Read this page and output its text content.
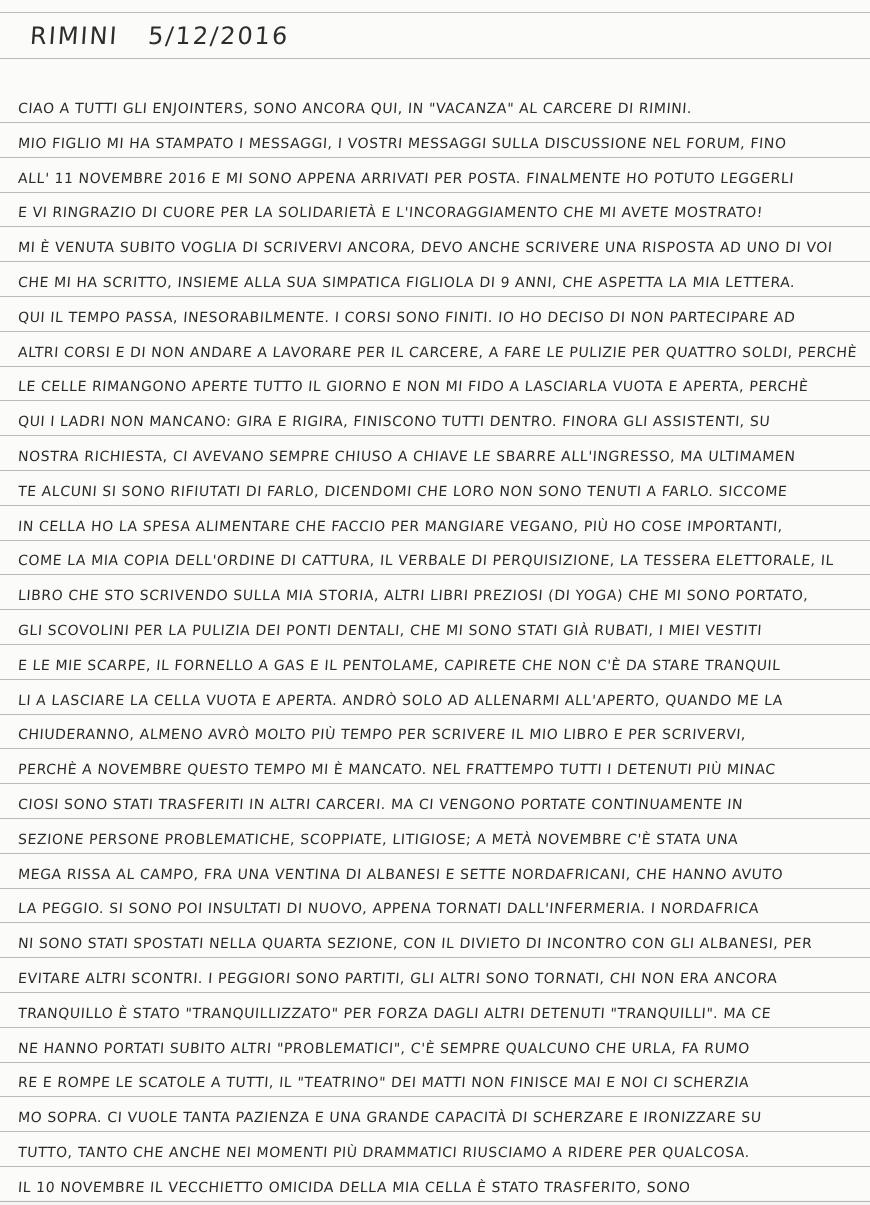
RIMINI 5/12/2016
CIAO A TUTTI GLI ENJOINTERS, SONO ANCORA QUI, IN "VACANZA" AL CARCERE DI RIMINI.
MIO FIGLIO MI HA STAMPATO I MESSAGGI, I VOSTRI MESSAGGI SULLA DISCUSSIONE NEL FORUM, FINO
ALL' 11 NOVEMBRE 2016 E MI SONO APPENA ARRIVATI PER POSTA. FINALMENTE HO POTUTO LEGGERLI
E VI RINGRAZIO DI CUORE PER LA SOLIDARIETÀ E L'INCORAGGIAMENTO CHE MI AVETE MOSTRATO!
MI È VENUTA SUBITO VOGLIA DI SCRIVERVI ANCORA, DEVO ANCHE SCRIVERE UNA RISPOSTA AD UNO DI VOI
CHE MI HA SCRITTO, INSIEME ALLA SUA SIMPATICA FIGLIOLA DI 9 ANNI, CHE ASPETTA LA MIA LETTERA.
QUI IL TEMPO PASSA, INESORABILMENTE. I CORSI SONO FINITI. IO HO DECISO DI NON PARTECIPARE AD
ALTRI CORSI E DI NON ANDARE A LAVORARE PER IL CARCERE, A FARE LE PULIZIE PER QUATTRO SOLDI, PERCHÈ
LE CELLE RIMANGONO APERTE TUTTO IL GIORNO E NON MI FIDO A LASCIARLA VUOTA E APERTA, PERCHÈ
QUI I LADRI NON MANCANO: GIRA E RIGIRA, FINISCONO TUTTI DENTRO. FINORA GLI ASSISTENTI, SU
NOSTRA RICHIESTA, CI AVEVANO SEMPRE CHIUSO A CHIAVE LE SBARRE ALL'INGRESSO, MA ULTIMAMEN
TE ALCUNI SI SONO RIFIUTATI DI FARLO, DICENDOMI CHE LORO NON SONO TENUTI A FARLO. SICCOME
IN CELLA HO LA SPESA ALIMENTARE CHE FACCIO PER MANGIARE VEGANO, PIÙ HO COSE IMPORTANTI,
COME LA MIA COPIA DELL'ORDINE DI CATTURA, IL VERBALE DI PERQUISIZIONE, LA TESSERA ELETTORALE, IL
LIBRO CHE STO SCRIVENDO SULLA MIA STORIA, ALTRI LIBRI PREZIOSI (DI YOGA) CHE MI SONO PORTATO,
GLI SCOVOLINI PER LA PULIZIA DEI PONTI DENTALI, CHE MI SONO STATI GIÀ RUBATI, I MIEI VESTITI
E LE MIE SCARPE, IL FORNELLO A GAS E IL PENTOLAME, CAPIRETE CHE NON C'È DA STARE TRANQUIL
LI A LASCIARE LA CELLA VUOTA E APERTA. ANDRÒ SOLO AD ALLENARMI ALL'APERTO, QUANDO ME LA
CHIUDERANNO, ALMENO AVRÒ MOLTO PIÙ TEMPO PER SCRIVERE IL MIO LIBRO E PER SCRIVERVI,
PERCHÈ A NOVEMBRE QUESTO TEMPO MI È MANCATO. NEL FRATTEMPO TUTTI I DETENUTI PIÙ MINAC
CIOSI SONO STATI TRASFERITI IN ALTRI CARCERI. MA CI VENGONO PORTATE CONTINUAMENTE IN
SEZIONE PERSONE PROBLEMATICHE, SCOPPIATE, LITIGIOSE; A METÀ NOVEMBRE C'È STATA UNA
MEGA RISSA AL CAMPO, FRA UNA VENTINA DI ALBANESI E SETTE NORDAFRICANI, CHE HANNO AVUTO
LA PEGGIO. SI SONO POI INSULTATI DI NUOVO, APPENA TORNATI DALL'INFERMERIA. I NORDAFRICA
NI SONO STATI SPOSTATI NELLA QUARTA SEZIONE, CON IL DIVIETO DI INCONTRO CON GLI ALBANESI, PER
EVITARE ALTRI SCONTRI. I PEGGIORI SONO PARTITI, GLI ALTRI SONO TORNATI, CHI NON ERA ANCORA
TRANQUILLO È STATO "TRANQUILLIZZATO" PER FORZA DAGLI ALTRI DETENUTI "TRANQUILLI". MA CE
NE HANNO PORTATI SUBITO ALTRI "PROBLEMATICI", C'È SEMPRE QUALCUNO CHE URLA, FA RUMO
RE E ROMPE LE SCATOLE A TUTTI, IL "TEATRINO" DEI MATTI NON FINISCE MAI E NOI CI SCHERZIA
MO SOPRA. CI VUOLE TANTA PAZIENZA E UNA GRANDE CAPACITÀ DI SCHERZARE E IRONIZZARE SU
TUTTO, TANTO CHE ANCHE NEI MOMENTI PIÙ DRAMMATICI RIUSCIAMO A RIDERE PER QUALCOSA.
IL 10 NOVEMBRE IL VECCHIETTO OMICIDA DELLA MIA CELLA È STATO TRASFERITO, SONO
